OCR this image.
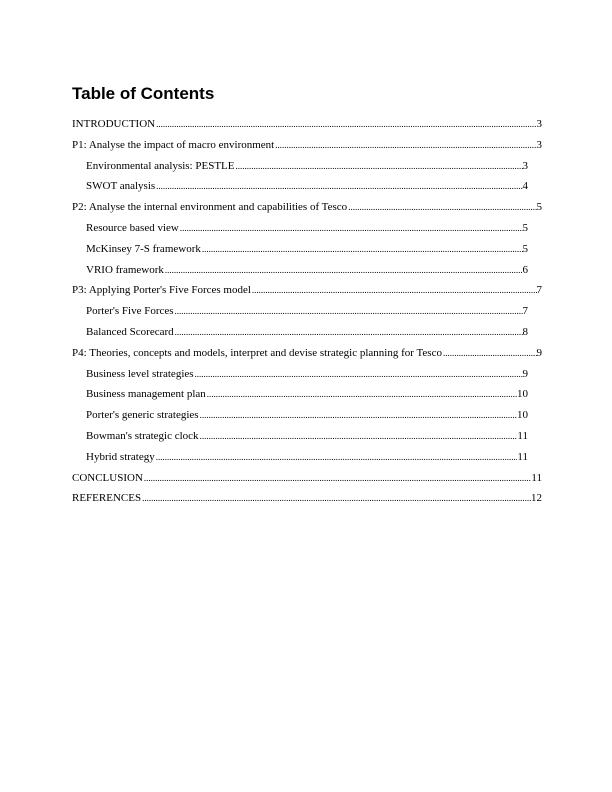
Table of Contents
INTRODUCTION .....	3
P1: Analyse the impact of macro environment .....	3
Environmental analysis: PESTLE .....	3
SWOT analysis .....	4
P2: Analyse the internal environment and capabilities of Tesco .....	5
Resource based view .....	5
McKinsey 7-S framework .....	5
VRIO framework .....	6
P3: Applying Porter's Five Forces model .....	7
Porter's Five Forces .....	7
Balanced Scorecard .....	8
P4: Theories, concepts and models, interpret and devise strategic planning for Tesco .....	9
Business level strategies .....	9
Business management plan .....	10
Porter's generic strategies .....	10
Bowman's strategic clock .....	11
Hybrid strategy .....	11
CONCLUSION .....	11
REFERENCES .....	12
